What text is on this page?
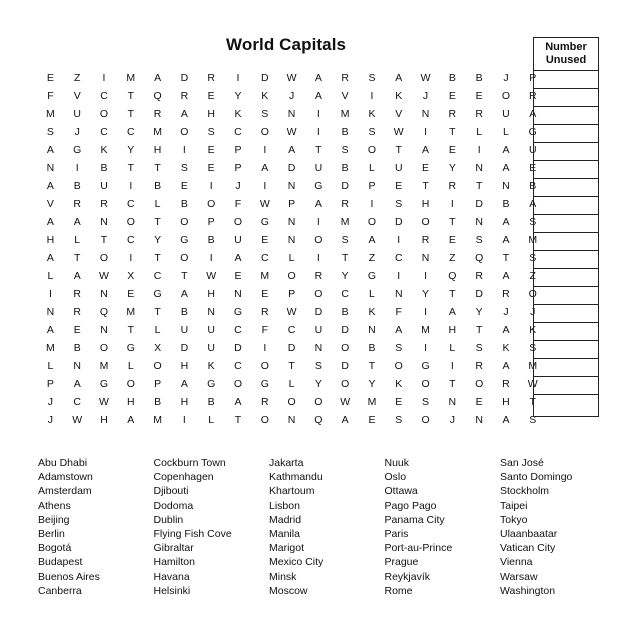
World Capitals
E	Z	I	M	A	D	R	I	D	W	A	R	S	A	W	B	B	J	P
F	V	C	T	Q	R	E	Y	K	J	A	V	I	K	J	E	E	O	R
M	U	O	T	R	A	H	K	S	N	I	M	K	V	N	R	R	U	A
S	J	C	C	M	O	S	C	O	W	I	B	S	W	I	T	L	L	G
A	G	K	Y	H	I	E	P	I	A	T	S	O	T	A	E	I	A	U
N	I	B	T	T	S	E	P	A	D	U	B	L	U	E	Y	N	A	E
A	B	U	I	B	E	I	J	I	N	G	D	P	E	T	R	T	N	B
V	R	R	C	L	B	O	F	W	P	A	R	I	S	H	I	D	B	A
A	A	N	O	T	O	P	O	G	N	I	M	O	D	O	T	N	A	S
H	L	T	C	Y	G	B	U	E	N	O	S	A	I	R	E	S	A	M
A	T	O	I	T	O	I	A	C	L	I	T	Z	C	N	Z	Q	T	S
L	A	W	X	C	T	W	E	M	O	R	Y	G	I	I	Q	R	A	Z
I	R	N	E	G	A	H	N	E	P	O	C	L	N	Y	T	D	R	O
N	R	Q	M	T	B	N	G	R	W	D	B	K	F	I	A	Y	J	J
A	E	N	T	L	U	U	C	F	C	U	D	N	A	M	H	T	A	K
M	B	O	G	X	D	U	D	I	D	N	O	B	S	I	L	S	K	S
L	N	M	L	O	H	K	C	O	T	S	D	T	O	G	I	R	A	M
P	A	G	O	P	A	G	O	G	L	Y	O	Y	K	O	T	O	R	W
J	C	W	H	B	H	B	A	R	O	O	W	M	E	S	N	E	H	T
J	W	H	A	M	I	L	T	O	N	Q	A	E	S	O	J	N	A	S
Number
Unused
Abu Dhabi
Adamstown
Amsterdam
Athens
Beijing
Berlin
Bogotá
Budapest
Buenos Aires
Canberra
Cockburn Town
Copenhagen
Djibouti
Dodoma
Dublin
Flying Fish Cove
Gibraltar
Hamilton
Havana
Helsinki
Jakarta
Kathmandu
Khartoum
Lisbon
Madrid
Manila
Marigot
Mexico City
Minsk
Moscow
Nuuk
Oslo
Ottawa
Pago Pago
Panama City
Paris
Port-au-Prince
Prague
Reykjavík
Rome
San José
Santo Domingo
Stockholm
Taipei
Tokyo
Ulaanbaatar
Vatican City
Vienna
Warsaw
Washington
